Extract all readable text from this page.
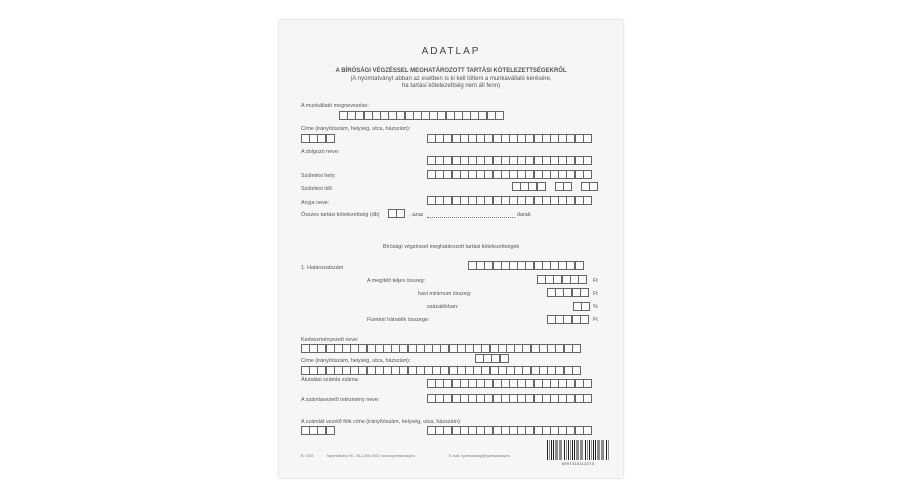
ADATLAP
A BÍRÓSÁGI VÉGZÉSSEL MEGHATÁROZOTT TARTÁSI KÖTELEZETTSÉGEKRŐL
(A nyomtatványt abban az esetben is ki kell tölteni a munkavállaló kérésére,
ha tartási kötelezettség nem áll fenn)
A munkáltató megnevezése:
Címe (irányítószám, helység, utca, házszám):
A dolgozó neve:
Születési hely:
Születési idő:
Anyja neve:
Összes tartási kötelezettség (db)	, azaz	darab
Bírósági végzéssel meghatározott tartási kötelezettségek
1. Határozatszám
A megítélt teljes összeg:	Ft
havi minimum összeg:	Ft
százalékban:	%
Fizetési hátralék összege:	Ft
Kedvezményezett neve:
Címe (irányítószám, helység, utca, házszám):
Átutalási számla száma:
A számlavezető intézmény neve:
A számlát vezető fiók címe (irányítószám, helység, utca, házszám):
B. 0155	Nyomtatvány 90., 36-1-000-0000, www.nyomtatvany.hu	E-mail: nyomtatvany@nyomtatvany.hu
5997315112074
